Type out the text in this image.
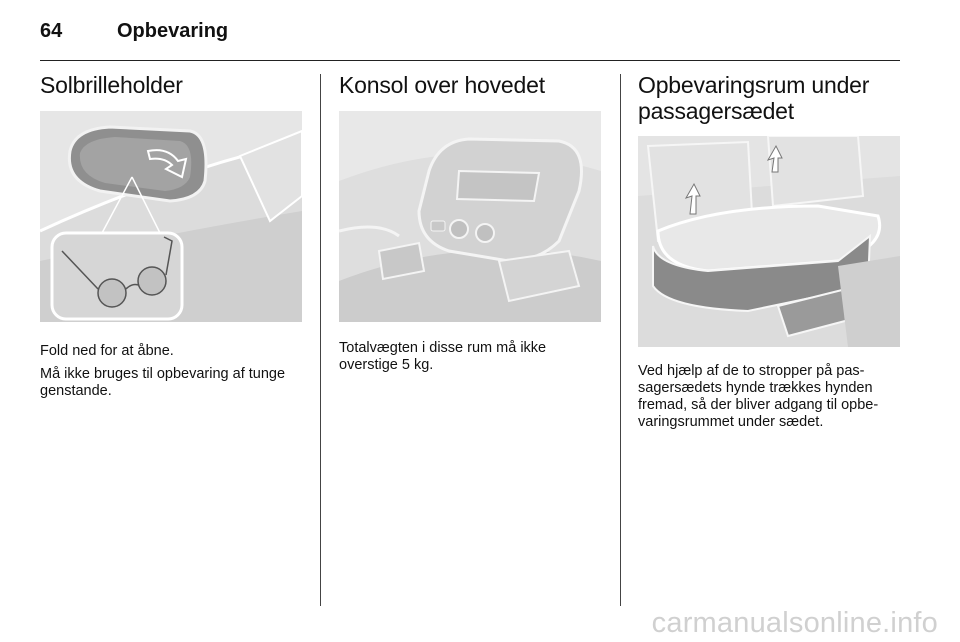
64	Opbevaring
Solbrilleholder

Fold ned for at åbne.

Må ikke bruges til opbevaring af tunge genstande.

Konsol over hovedet

Totalvægten i disse rum må ikke overstige 5 kg.

Opbevaringsrum under passagersædet

Ved hjælp af de to stropper på pas-sagersædets hynde trækkes hynden fremad, så der bliver adgang til opbe-varingsrummet under sædet.

carmanualsonline.info
